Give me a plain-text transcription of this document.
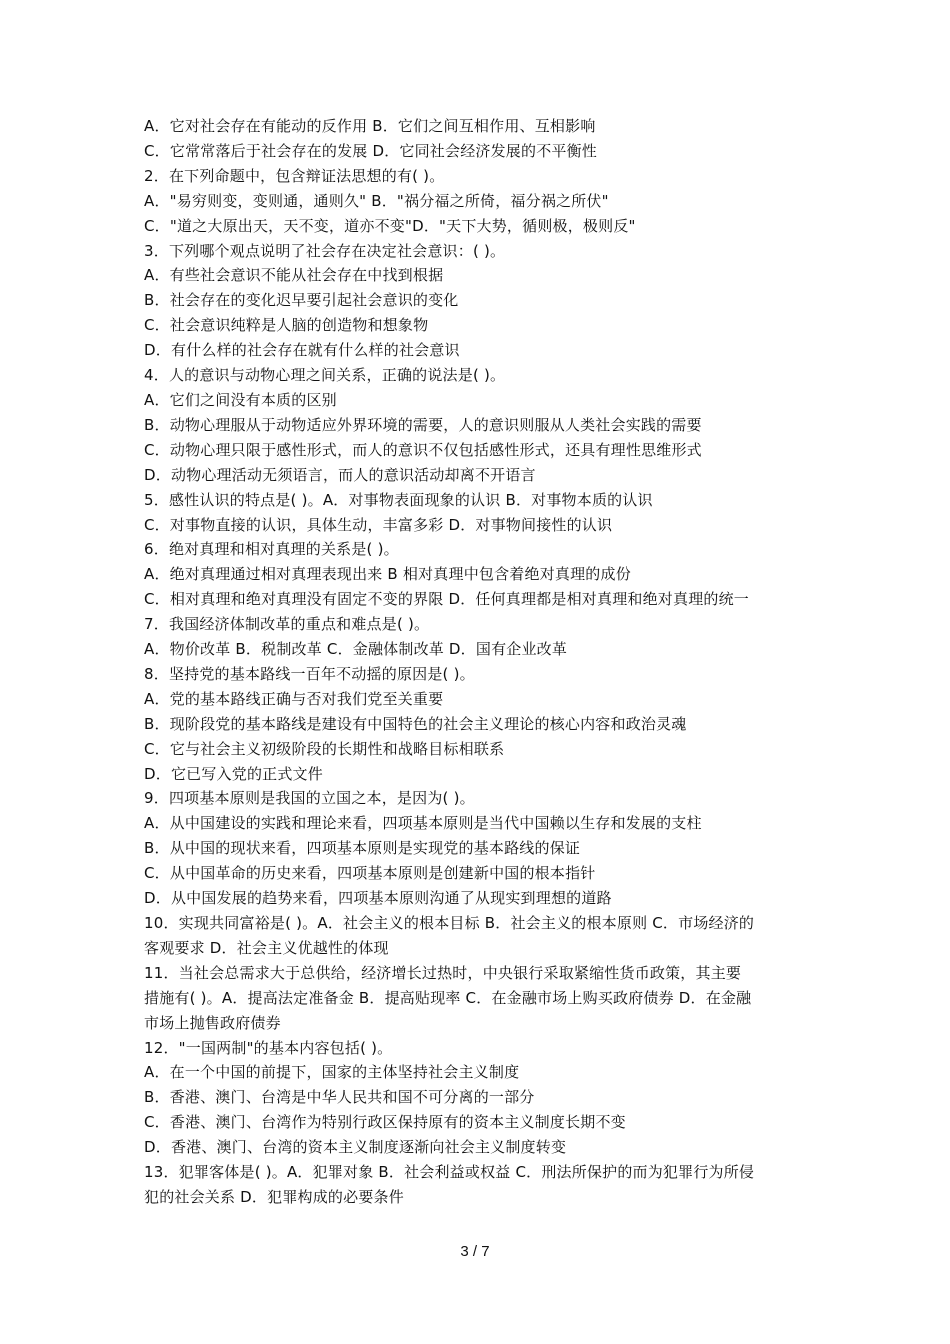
A．它对社会存在有能动的反作用 B．它们之间互相作用、互相影响
C．它常常落后于社会存在的发展 D．它同社会经济发展的不平衡性
2．在下列命题中，包含辩证法思想的有( )。
A．"易穷则变，变则通，通则久" B．"祸分福之所倚，福分祸之所伏"
C．"道之大原出天，天不变，道亦不变"D．"天下大势，循则极，极则反"
3．下列哪个观点说明了社会存在决定社会意识：( )。
A．有些社会意识不能从社会存在中找到根据
B．社会存在的变化迟早要引起社会意识的变化
C．社会意识纯粹是人脑的创造物和想象物
D．有什么样的社会存在就有什么样的社会意识
4．人的意识与动物心理之间关系，正确的说法是( )。
A．它们之间没有本质的区别
B．动物心理服从于动物适应外界环境的需要，人的意识则服从人类社会实践的需要
C．动物心理只限于感性形式，而人的意识不仅包括感性形式，还具有理性思维形式
D．动物心理活动无须语言，而人的意识活动却离不开语言
5．感性认识的特点是( )。A．对事物表面现象的认识 B．对事物本质的认识
C．对事物直接的认识，具体生动，丰富多彩 D．对事物间接性的认识
6．绝对真理和相对真理的关系是( )。
A．绝对真理通过相对真理表现出来 B 相对真理中包含着绝对真理的成份
C．相对真理和绝对真理没有固定不变的界限 D．任何真理都是相对真理和绝对真理的统一
7．我国经济体制改革的重点和难点是( )。
A．物价改革 B．税制改革 C．金融体制改革 D．国有企业改革
8．坚持党的基本路线一百年不动摇的原因是( )。
A．党的基本路线正确与否对我们党至关重要
B．现阶段党的基本路线是建设有中国特色的社会主义理论的核心内容和政治灵魂
C．它与社会主义初级阶段的长期性和战略目标相联系
D．它已写入党的正式文件
9．四项基本原则是我国的立国之本，是因为( )。
A．从中国建设的实践和理论来看，四项基本原则是当代中国赖以生存和发展的支柱
B．从中国的现状来看，四项基本原则是实现党的基本路线的保证
C．从中国革命的历史来看，四项基本原则是创建新中国的根本指针
D．从中国发展的趋势来看，四项基本原则沟通了从现实到理想的道路
10．实现共同富裕是( )。A．社会主义的根本目标 B．社会主义的根本原则 C．市场经济的
客观要求 D．社会主义优越性的体现
11．当社会总需求大于总供给，经济增长过热时，中央银行采取紧缩性货币政策，其主要
措施有( )。A．提高法定准备金 B．提高贴现率 C．在金融市场上购买政府债券 D．在金融
市场上抛售政府债券
12．"一国两制"的基本内容包括( )。
A．在一个中国的前提下，国家的主体坚持社会主义制度
B．香港、澳门、台湾是中华人民共和国不可分离的一部分
C．香港、澳门、台湾作为特别行政区保持原有的资本主义制度长期不变
D．香港、澳门、台湾的资本主义制度逐渐向社会主义制度转变
13．犯罪客体是( )。A．犯罪对象 B．社会利益或权益 C．刑法所保护的而为犯罪行为所侵
犯的社会关系 D．犯罪构成的必要条件
3 / 7
